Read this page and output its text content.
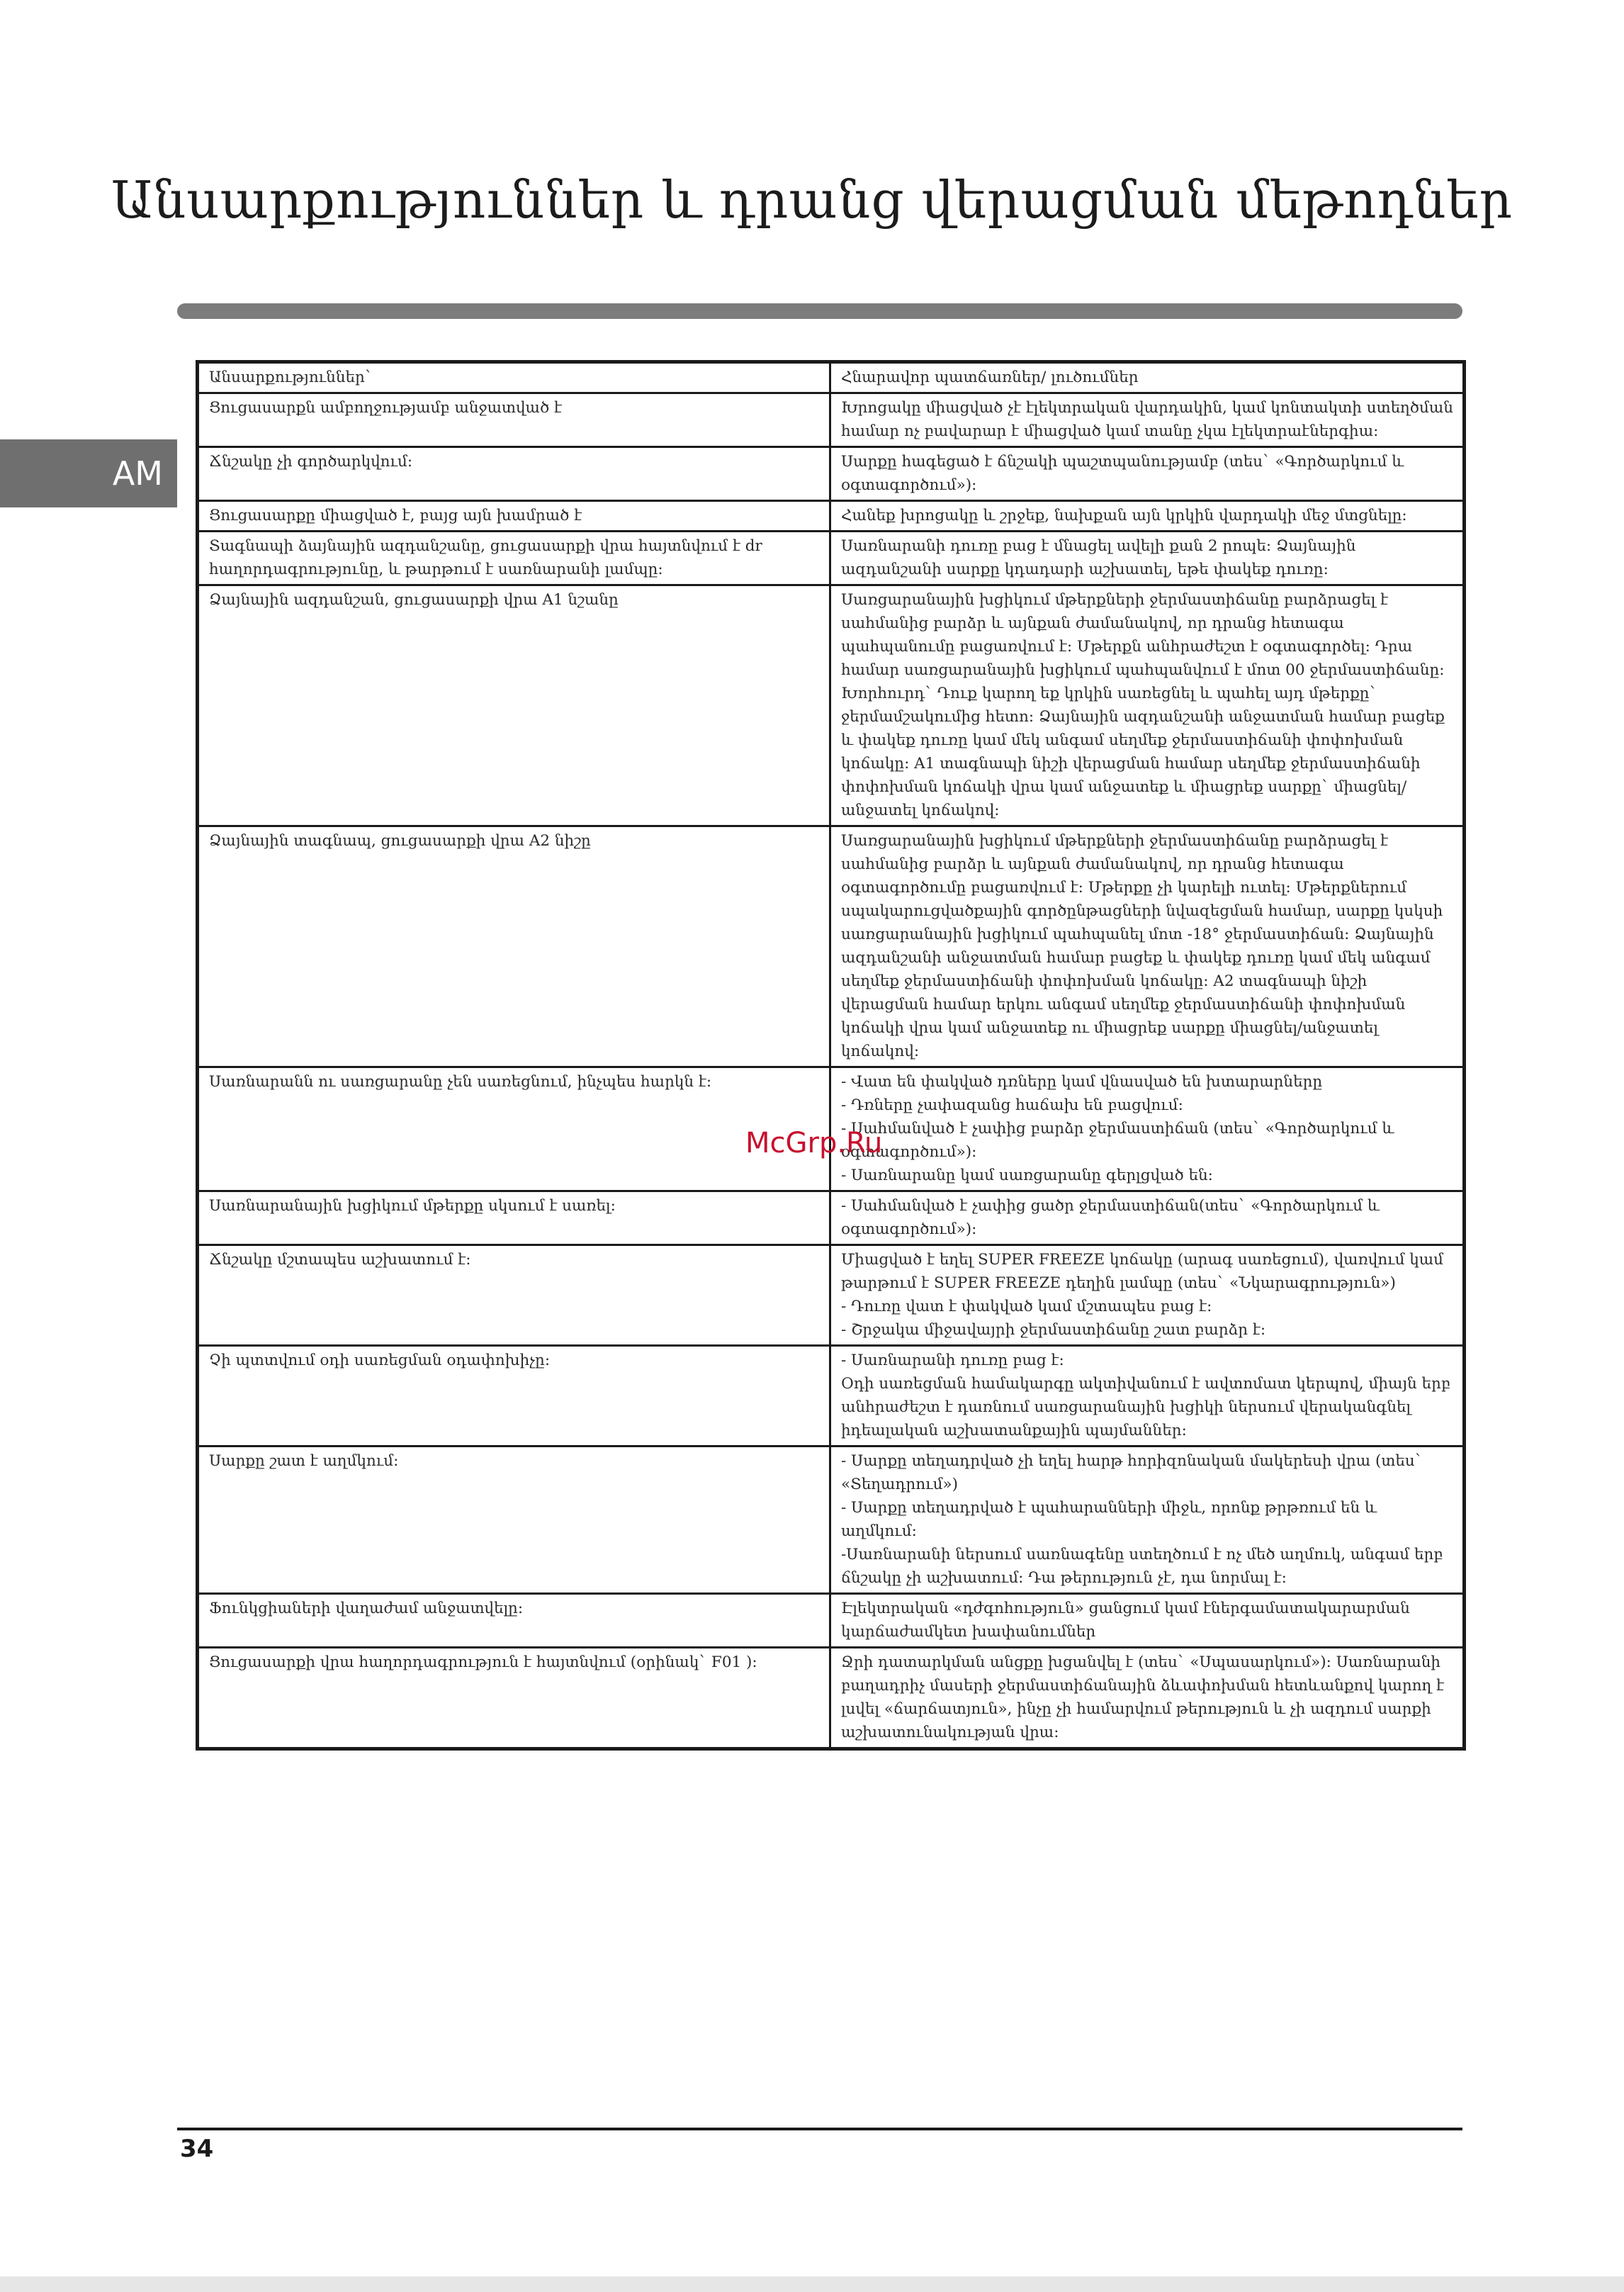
Անսարքություններ և դրանց վերացման մեթոդներ
AM
Անսարքություններ`	Հնարավոր պատճառներ/ լուծումներ
Ցուցասարքն ամբողջությամբ անջատված է	Խրոցակը միացված չէ էլեկտրական վարդակին, կամ կոնտակտի ստեղծման համար ոչ բավարար է միացված կամ տանը չկա էլեկտրաէներգիա:
Ճնշակը չի գործարկվում:	Սարքը հագեցած է ճնշակի պաշտպանությամբ (տես` «Գործարկում և օգտագործում»):
Ցուցասարքը միացված է, բայց այն խամրած է	Հանեք խրոցակը և շրջեք, նախքան այն կրկին վարդակի մեջ մտցնելը:
Տագնապի ձայնային ազդանշանը, ցուցասարքի վրա հայտնվում է dr հաղորդագրությունը, և թարթում է սառնարանի լամպը:	Սառնարանի դուռը բաց է մնացել ավելի քան 2 րոպե: Ձայնային ազդանշանի սարքը կդադարի աշխատել, եթե փակեք դուռը:
Ձայնային ազդանշան, ցուցասարքի վրա A1 նշանը	Սառցարանային խցիկում մթերքների ջերմաստիճանը բարձրացել է սահմանից բարձր և այնքան ժամանակով, որ դրանց հետագա պահպանումը բացառվում է: Մթերքն անհրաժեշտ է օգտագործել: Դրա համար սառցարանային խցիկում պահպանվում է մոտ 00 ջերմաստիճանը: Խորհուրդ` Դուք կարող եք կրկին սառեցնել և պահել այդ մթերքը` ջերմամշակումից հետո: Ձայնային ազդանշանի անջատման համար բացեք և փակեք դուռը կամ մեկ անգամ սեղմեք ջերմաստիճանի փոփոխման կոճակը: A1 տագնապի նիշի վերացման համար սեղմեք ջերմաստիճանի փոփոխման կոճակի վրա կամ անջատեք և միացրեք սարքը` միացնել/անջատել կոճակով:
Ձայնային տագնապ, ցուցասարքի վրա A2 նիշը	Սառցարանային խցիկում մթերքների ջերմաստիճանը բարձրացել է սահմանից բարձր և այնքան ժամանակով, որ դրանց հետագա օգտագործումը բացառվում է: Մթերքը չի կարելի ուտել: Մթերքներում սպակարուցվածքային գործընթացների նվազեցման համար, սարքը կսկսի սառցարանային խցիկում պահպանել մոտ -18° ջերմաստիճան: Ձայնային ազդանշանի անջատման համար բացեք և փակեք դուռը կամ մեկ անգամ սեղմեք ջերմաստիճանի փոփոխման կոճակը: A2 տագնապի նիշի վերացման համար երկու անգամ սեղմեք ջերմաստիճանի փոփոխման կոճակի վրա կամ անջատեք ու միացրեք սարքը միացնել/անջատել կոճակով:
Սառնարանն ու սառցարանը չեն սառեցնում, ինչպես հարկն է:	- Վատ են փակված դռները կամ վնասված են խտարարները
- Դռները չափազանց հաճախ են բացվում:
- Սահմանված է չափից բարձր ջերմաստիճան (տես` «Գործարկում և օգտագործում»):
- Սառնարանը կամ սառցարանը գերլցված են:
Սառնարանային խցիկում մթերքը սկսում է սառել:	- Սահմանված է չափից ցածր ջերմաստիճան(տես` «Գործարկում և օգտագործում»):
Ճնշակը մշտապես աշխատում է:	Միացված է եղել SUPER FREEZE կոճակը (արագ սառեցում), վառվում կամ թարթում է SUPER FREEZE դեղին լամպը (տես` «Նկարագրություն»)
- Դուռը վատ է փակված կամ մշտապես բաց է:
- Շրջակա միջավայրի ջերմաստիճանը շատ բարձր է:
Չի պտտվում օդի սառեցման օդափոխիչը:	- Սառնարանի դուռը բաց է:
Օդի սառեցման համակարգը ակտիվանում է ավտոմատ կերպով, միայն երբ անհրաժեշտ է դառնում սառցարանային խցիկի ներսում վերականգնել իդեալական աշխատանքային պայմաններ:
Սարքը շատ է աղմկում:	- Սարքը տեղադրված չի եղել հարթ հորիզոնական մակերեսի վրա (տես` «Տեղադրում»)
- Սարքը տեղադրված է պահարանների միջև, որոնք թրթռում են և աղմկում:
-Սառնարանի ներսում սառնագենը ստեղծում է ոչ մեծ աղմուկ, անգամ երբ ճնշակը չի աշխատում: Դա թերություն չէ, դա նորմալ է:
Ֆունկցիաների վաղաժամ անջատվելը:	Էլեկտրական «դժգոհություն» ցանցում կամ էներգամատակարարման կարճաժամկետ խափանումներ
Ցուցասարքի վրա հաղորդագրություն է հայտնվում (օրինակ` F01 ):	Ջրի դատարկման անցքը խցանվել է (տես` «Սպասարկում»): Սառնարանի բաղադրիչ մասերի ջերմաստիճանային ձևափոխման հետևանքով կարող է լսվել «ճարճատյուն», ինչը չի համարվում թերություն և չի ազդում սարքի աշխատունակության վրա:
McGrp.Ru
34
